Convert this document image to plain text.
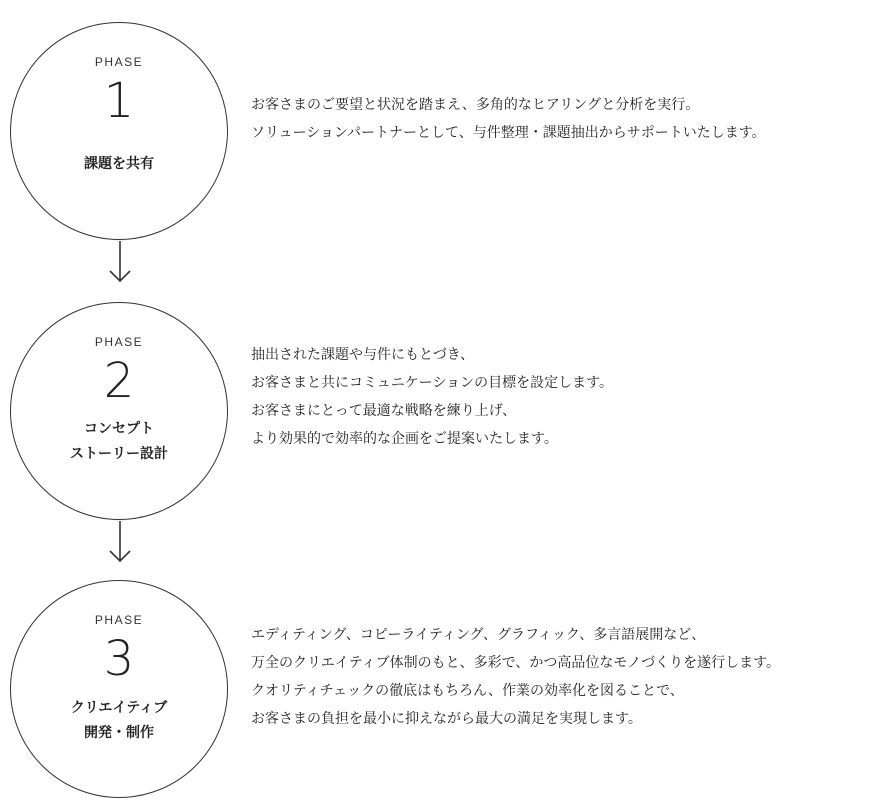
PHASE
1
課題を共有
お客さまのご要望と状況を踏まえ、多角的なヒアリングと分析を実行。
ソリューションパートナーとして、与件整理・課題抽出からサポートいたします。
PHASE
2
コンセプト
ストーリー設計
抽出された課題や与件にもとづき、
お客さまと共にコミュニケーションの目標を設定します。
お客さまにとって最適な戦略を練り上げ、
より効果的で効率的な企画をご提案いたします。
PHASE
3
クリエイティブ
開発・制作
エディティング、コピーライティング、グラフィック、多言語展開など、
万全のクリエイティブ体制のもと、多彩で、かつ高品位なモノづくりを遂行します。
クオリティチェックの徹底はもちろん、作業の効率化を図ることで、
お客さまの負担を最小に抑えながら最大の満足を実現します。
